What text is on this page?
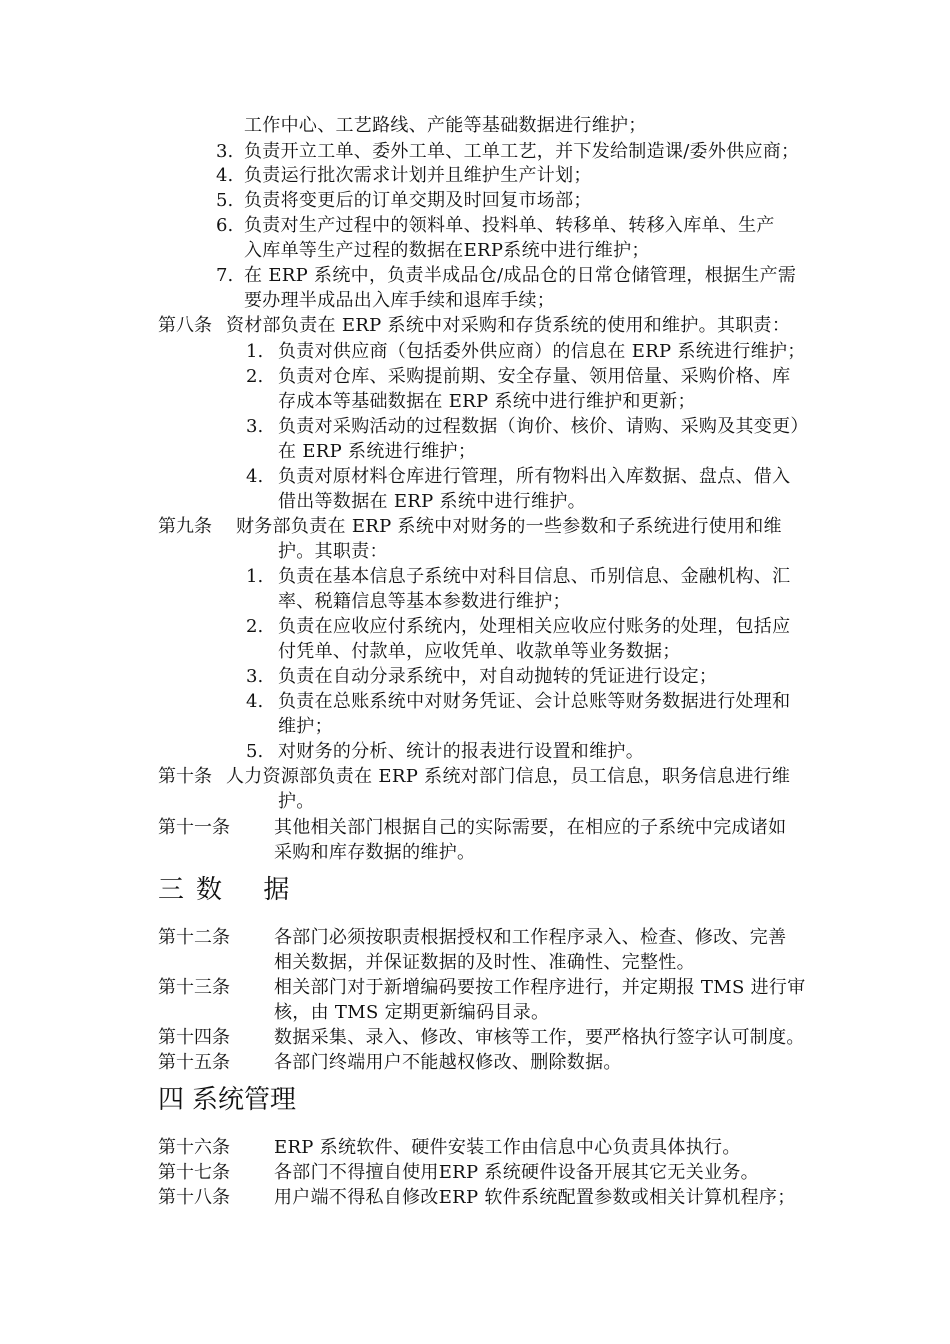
工作中心、工艺路线、产能等基础数据进行维护；
3. 负责开立工单、委外工单、工单工艺，并下发给制造课/委外供应商；
4. 负责运行批次需求计划并且维护生产计划；
5. 负责将变更后的订单交期及时回复市场部；
6. 负责对生产过程中的领料单、投料单、转移单、转移入库单、生产
入库单等生产过程的数据在ERP系统中进行维护；
7. 在 ERP 系统中，负责半成品仓/成品仓的日常仓储管理，根据生产需
要办理半成品出入库手续和退库手续；
第八条 资材部负责在 ERP 系统中对采购和存货系统的使用和维护。其职责：
1. 负责对供应商（包括委外供应商）的信息在 ERP 系统进行维护；
2. 负责对仓库、采购提前期、安全存量、领用倍量、采购价格、库
存成本等基础数据在 ERP 系统中进行维护和更新；
3. 负责对采购活动的过程数据（询价、核价、请购、采购及其变更）
在 ERP 系统进行维护；
4. 负责对原材料仓库进行管理，所有物料出入库数据、盘点、借入
借出等数据在 ERP 系统中进行维护。
第九条 财务部负责在 ERP 系统中对财务的一些参数和子系统进行使用和维
护。其职责：
1. 负责在基本信息子系统中对科目信息、币别信息、金融机构、汇
率、税籍信息等基本参数进行维护；
2. 负责在应收应付系统内，处理相关应收应付账务的处理，包括应
付凭单、付款单，应收凭单、收款单等业务数据；
3. 负责在自动分录系统中，对自动抛转的凭证进行设定；
4. 负责在总账系统中对财务凭证、会计总账等财务数据进行处理和
维护；
5. 对财务的分析、统计的报表进行设置和维护。
第十条 人力资源部负责在 ERP 系统对部门信息，员工信息，职务信息进行维
护。
第十一条 其他相关部门根据自己的实际需要，在相应的子系统中完成诸如
采购和库存数据的维护。
三 数     据
第十二条 各部门必须按职责根据授权和工作程序录入、检查、修改、完善
相关数据，并保证数据的及时性、准确性、完整性。
第十三条 相关部门对于新增编码要按工作程序进行，并定期报 TMS 进行审
核，由 TMS 定期更新编码目录。
第十四条 数据采集、录入、修改、审核等工作，要严格执行签字认可制度。
第十五条 各部门终端用户不能越权修改、删除数据。
四 系统管理
第十六条 ERP 系统软件、硬件安装工作由信息中心负责具体执行。
第十七条 各部门不得擅自使用ERP 系统硬件设备开展其它无关业务。
第十八条 用户端不得私自修改ERP 软件系统配置参数或相关计算机程序；
